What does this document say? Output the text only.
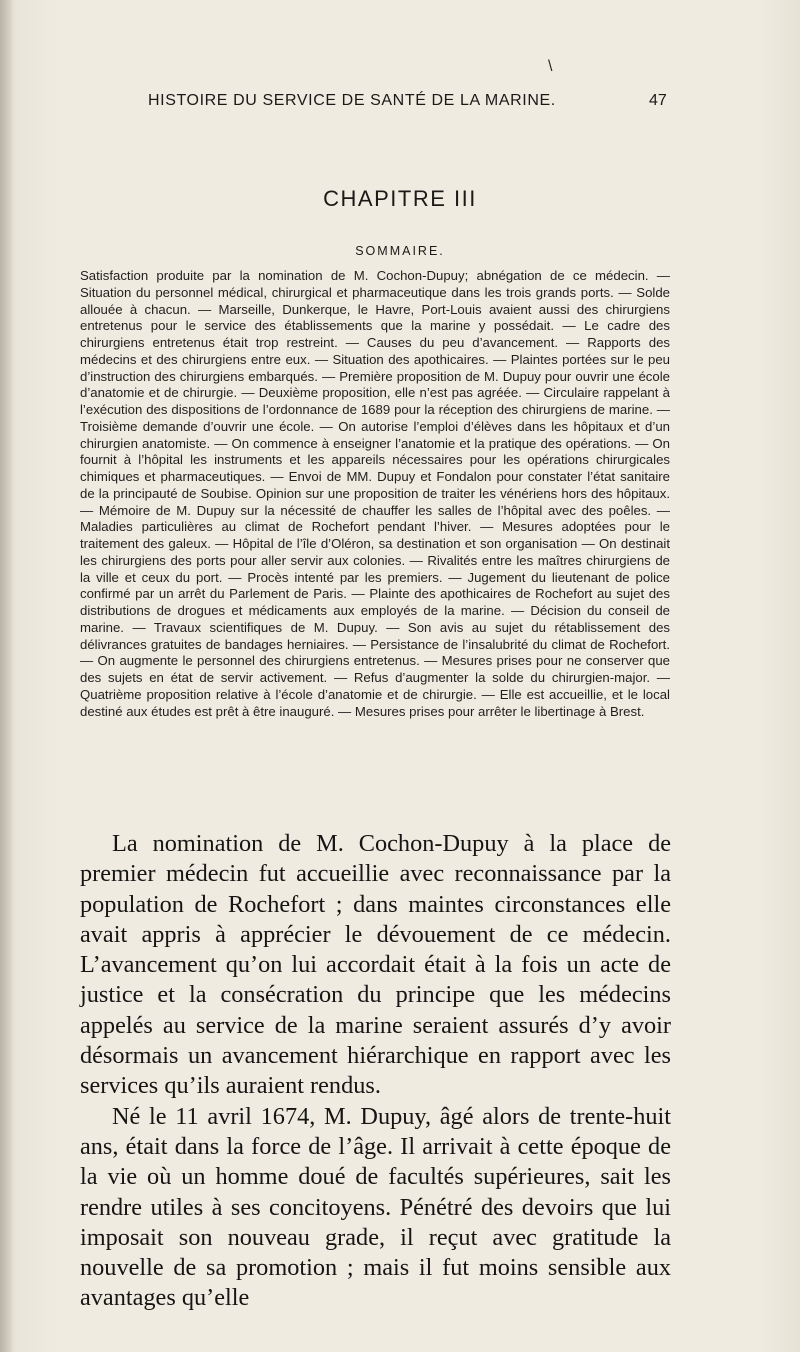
\
HISTOIRE DU SERVICE DE SANTÉ DE LA MARINE.	47
CHAPITRE III
SOMMAIRE.

Satisfaction produite par la nomination de M. Cochon-Dupuy; abnégation de ce médecin. — Situation du personnel médical, chirurgical et pharmaceutique dans les trois grands ports. — Solde allouée à chacun. — Marseille, Dunkerque, le Havre, Port-Louis avaient aussi des chirurgiens entretenus pour le service des établissements que la marine y possédait. — Le cadre des chirurgiens entretenus était trop restreint. — Causes du peu d’avancement. — Rapports des médecins et des chirurgiens entre eux. — Situation des apothicaires. — Plaintes portées sur le peu d’instruction des chirurgiens embarqués. — Première proposition de M. Dupuy pour ouvrir une école d’anatomie et de chirurgie. — Deuxième proposition, elle n’est pas agréée. — Circulaire rappelant à l’exécution des dispositions de l’ordonnance de 1689 pour la réception des chirurgiens de marine. — Troisième demande d’ouvrir une école. — On autorise l’emploi d’élèves dans les hôpitaux et d’un chirurgien anatomiste. — On commence à enseigner l’anatomie et la pratique des opérations. — On fournit à l’hôpital les instruments et les appareils nécessaires pour les opérations chirurgicales chimiques et pharmaceutiques. — Envoi de MM. Dupuy et Fondalon pour constater l’état sanitaire de la principauté de Soubise. Opinion sur une proposition de traiter les vénériens hors des hôpitaux. — Mémoire de M. Dupuy sur la nécessité de chauffer les salles de l’hôpital avec des poêles. — Maladies particulières au climat de Rochefort pendant l’hiver. — Mesures adoptées pour le traitement des galeux. — Hôpital de l’île d’Oléron, sa destination et son organisation — On destinait les chirurgiens des ports pour aller servir aux colonies. — Rivalités entre les maîtres chirurgiens de la ville et ceux du port. — Procès intenté par les premiers. — Jugement du lieutenant de police confirmé par un arrêt du Parlement de Paris. — Plainte des apothicaires de Rochefort au sujet des distributions de drogues et médicaments aux employés de la marine. — Décision du conseil de marine. — Travaux scientifiques de M. Dupuy. — Son avis au sujet du rétablissement des délivrances gratuites de bandages herniaires. — Persistance de l’insalubrité du climat de Rochefort. — On augmente le personnel des chirurgiens entretenus. — Mesures prises pour ne conserver que des sujets en état de servir activement. — Refus d’augmenter la solde du chirurgien-major. — Quatrième proposition relative à l’école d’anatomie et de chirurgie. — Elle est accueillie, et le local destiné aux études est prêt à être inauguré. — Mesures prises pour arrêter le libertinage à Brest.

La nomination de M. Cochon-Dupuy à la place de premier médecin fut accueillie avec reconnaissance par la population de Rochefort ; dans maintes circonstances elle avait appris à apprécier le dévouement de ce médecin. L’avancement qu’on lui accordait était à la fois un acte de justice et la consécration du principe que les médecins appelés au service de la marine seraient assurés d’y avoir désormais un avancement hiérarchique en rapport avec les services qu’ils auraient rendus.

Né le 11 avril 1674, M. Dupuy, âgé alors de trente-huit ans, était dans la force de l’âge. Il arrivait à cette époque de la vie où un homme doué de facultés supérieures, sait les rendre utiles à ses concitoyens. Pénétré des devoirs que lui imposait son nouveau grade, il reçut avec gratitude la nouvelle de sa promotion ; mais il fut moins sensible aux avantages qu’elle
